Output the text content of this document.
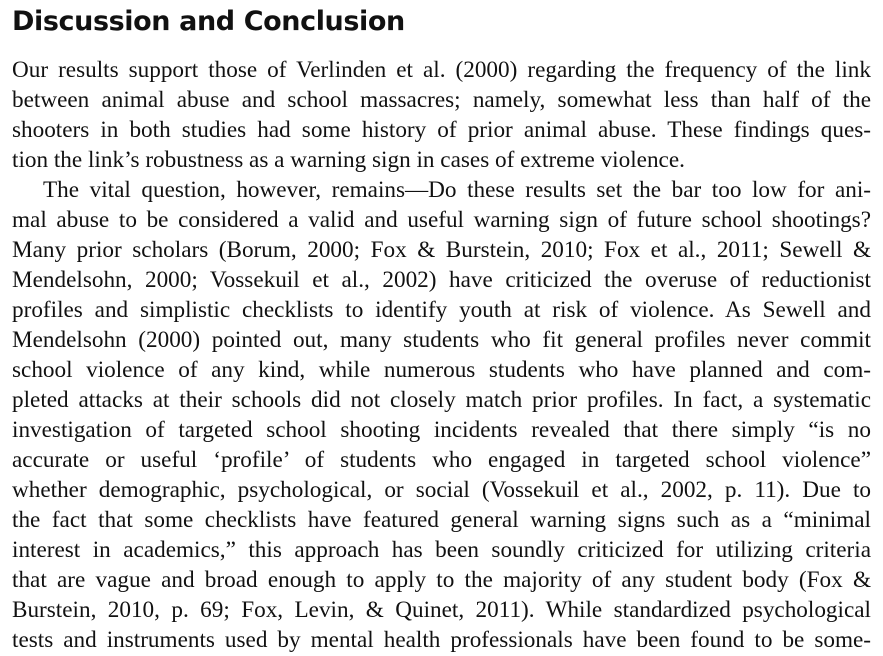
Discussion and Conclusion
Our results support those of Verlinden et al. (2000) regarding the frequency of the link
between animal abuse and school massacres; namely, somewhat less than half of the
shooters in both studies had some history of prior animal abuse. These findings ques-
tion the link’s robustness as a warning sign in cases of extreme violence.
The vital question, however, remains—Do these results set the bar too low for ani-
mal abuse to be considered a valid and useful warning sign of future school shootings?
Many prior scholars (Borum, 2000; Fox & Burstein, 2010; Fox et al., 2011; Sewell &
Mendelsohn, 2000; Vossekuil et al., 2002) have criticized the overuse of reductionist
profiles and simplistic checklists to identify youth at risk of violence. As Sewell and
Mendelsohn (2000) pointed out, many students who fit general profiles never commit
school violence of any kind, while numerous students who have planned and com-
pleted attacks at their schools did not closely match prior profiles. In fact, a systematic
investigation of targeted school shooting incidents revealed that there simply “is no
accurate or useful ‘profile’ of students who engaged in targeted school violence”
whether demographic, psychological, or social (Vossekuil et al., 2002, p. 11). Due to
the fact that some checklists have featured general warning signs such as a “minimal
interest in academics,” this approach has been soundly criticized for utilizing criteria
that are vague and broad enough to apply to the majority of any student body (Fox &
Burstein, 2010, p. 69; Fox, Levin, & Quinet, 2011). While standardized psychological
tests and instruments used by mental health professionals have been found to be some-
